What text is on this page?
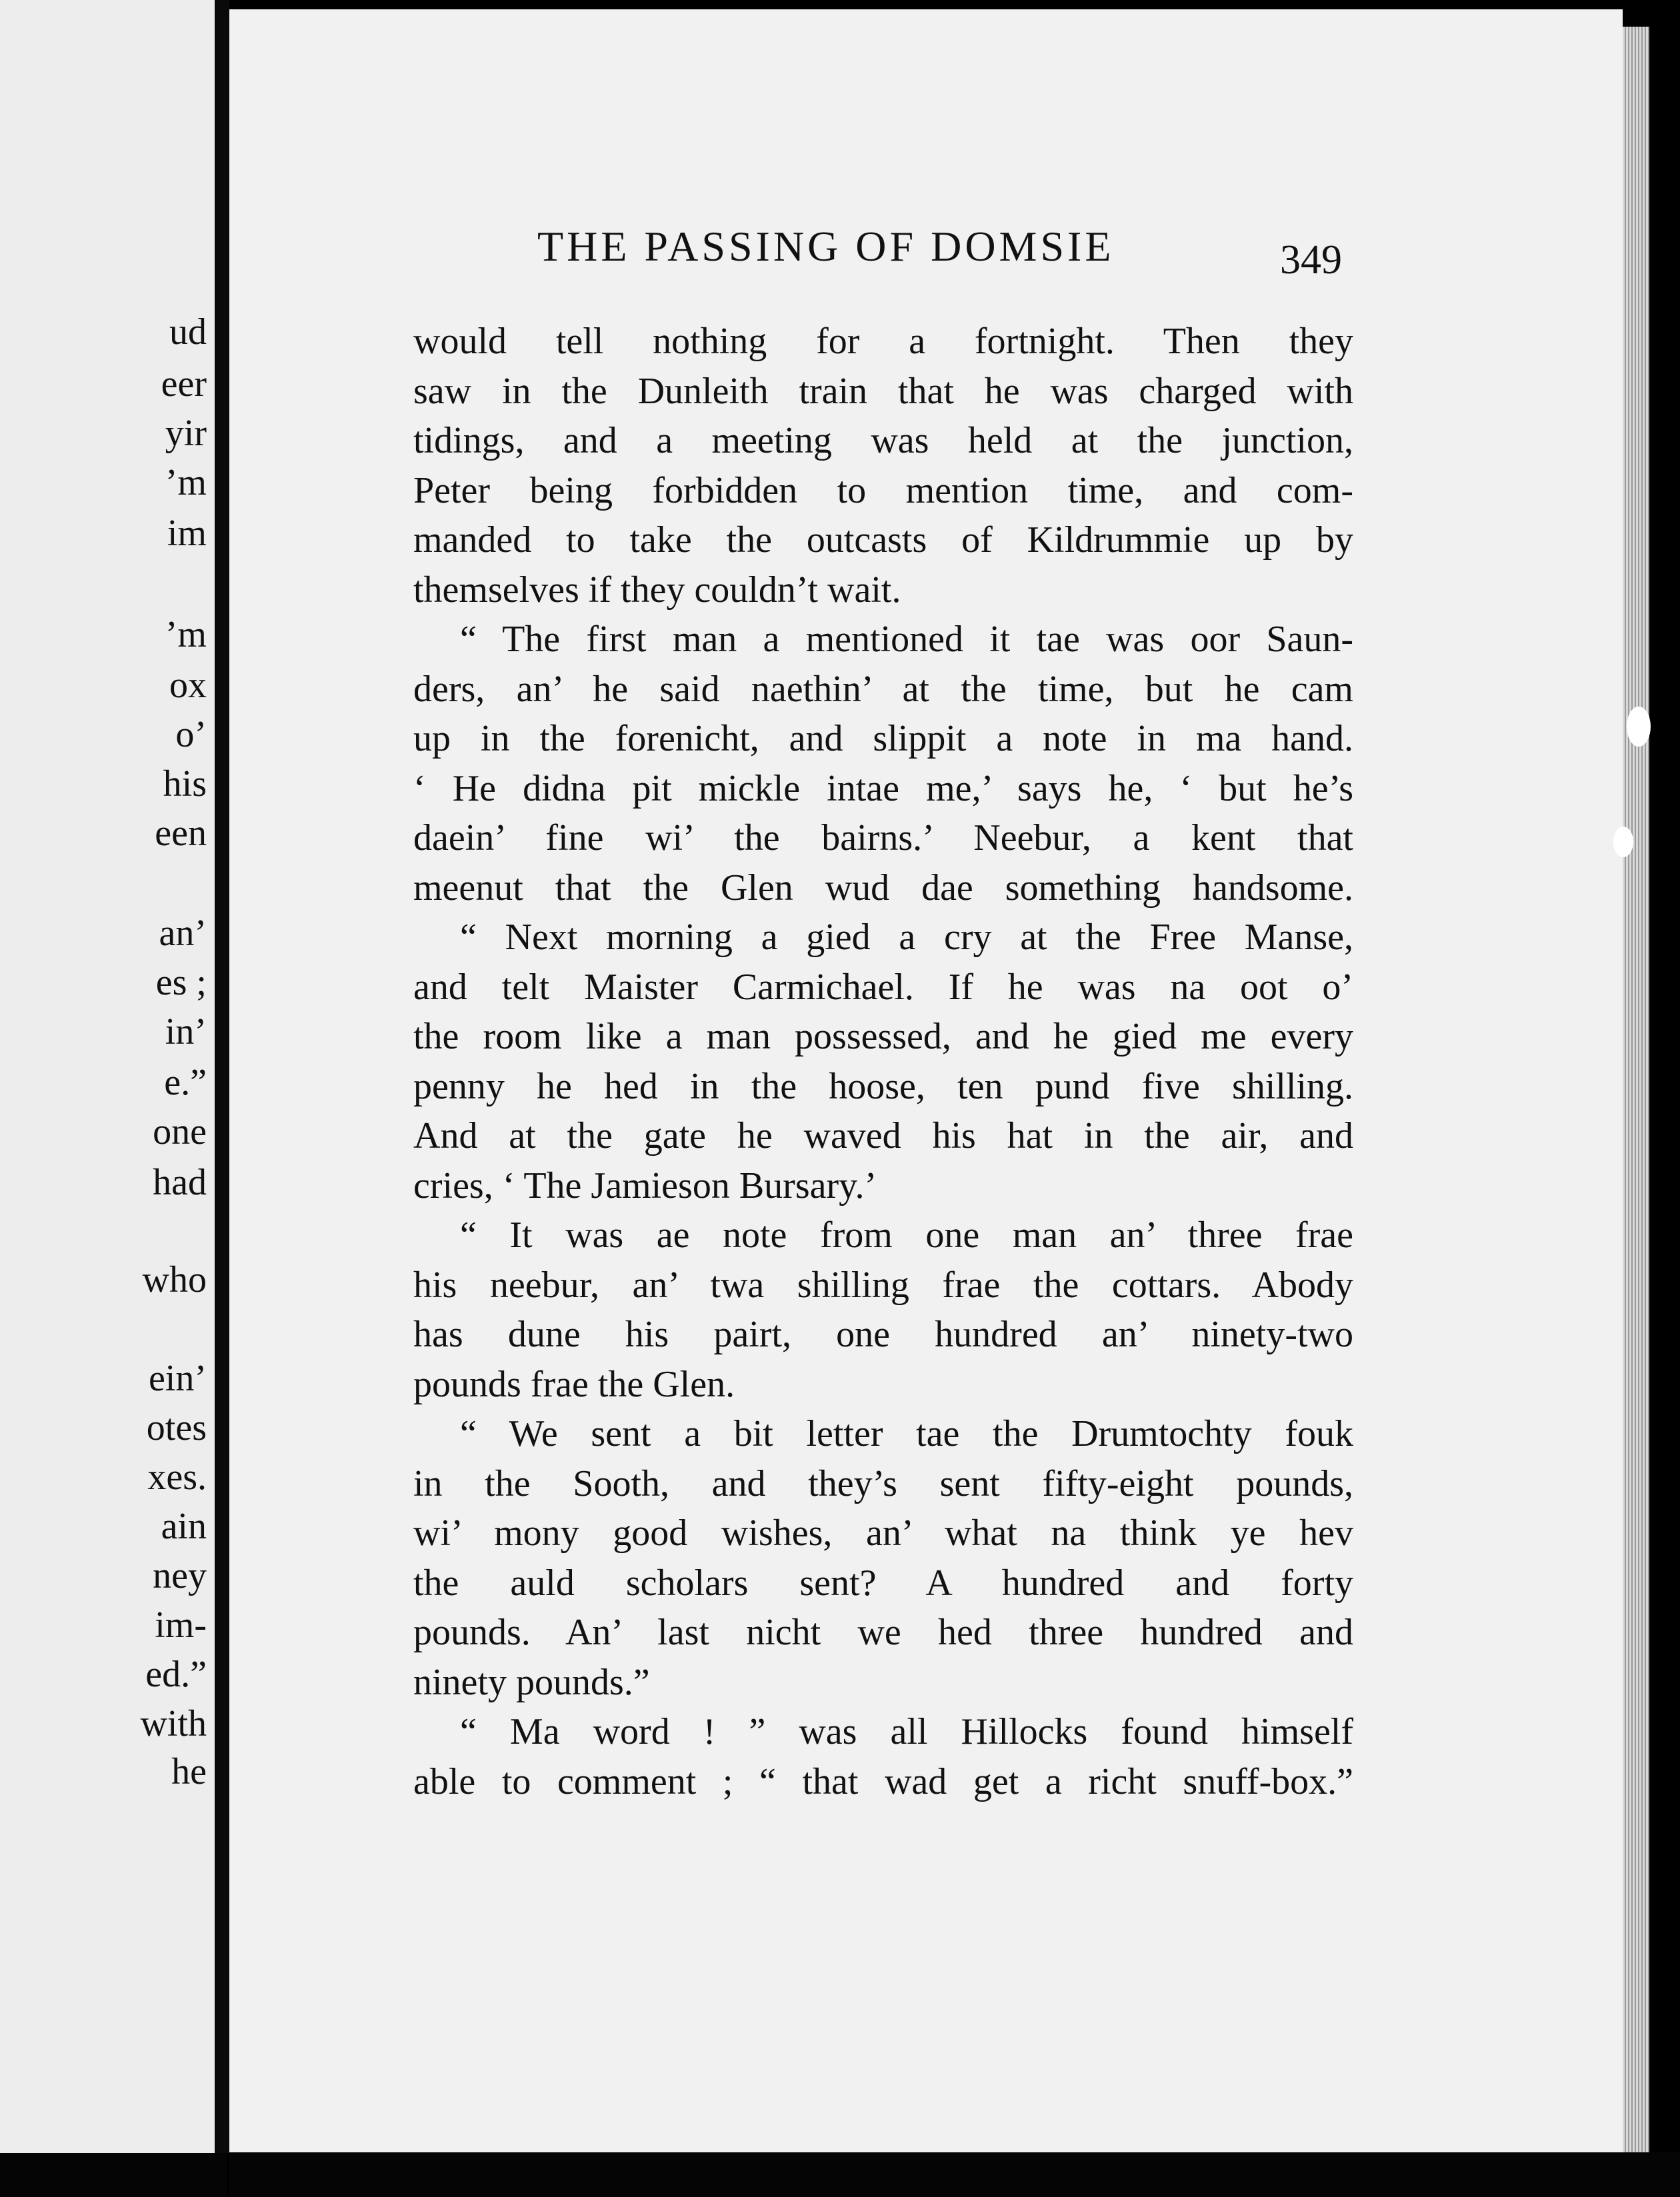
ud
eer
yir
’m
im
’m
ox
o’
his
een
an’
es ;
in’
e.”
one
had
who
ein’
otes
xes.
ain
ney
im-
ed.”
with
he
THE PASSING OF DOMSIE	349
would tell nothing for a fortnight. Then they
saw in the Dunleith train that he was charged with
tidings, and a meeting was held at the junction,
Peter being forbidden to mention time, and com-
manded to take the outcasts of Kildrummie up by
themselves if they couldn’t wait.
“ The first man a mentioned it tae was oor Saun-
ders, an’ he said naethin’ at the time, but he cam
up in the forenicht, and slippit a note in ma hand.
‘ He didna pit mickle intae me,’ says he, ‘ but he’s
daein’ fine wi’ the bairns.’ Neebur, a kent that
meenut that the Glen wud dae something handsome.
“ Next morning a gied a cry at the Free Manse,
and telt Maister Carmichael. If he was na oot o’
the room like a man possessed, and he gied me every
penny he hed in the hoose, ten pund five shilling.
And at the gate he waved his hat in the air, and
cries, ‘ The Jamieson Bursary.’
“ It was ae note from one man an’ three frae
his neebur, an’ twa shilling frae the cottars. Abody
has dune his pairt, one hundred an’ ninety-two
pounds frae the Glen.
“ We sent a bit letter tae the Drumtochty fouk
in the Sooth, and they’s sent fifty-eight pounds,
wi’ mony good wishes, an’ what na think ye hev
the auld scholars sent? A hundred and forty
pounds. An’ last nicht we hed three hundred and
ninety pounds.”
“ Ma word ! ” was all Hillocks found himself
able to comment ; “ that wad get a richt snuff-box.”
